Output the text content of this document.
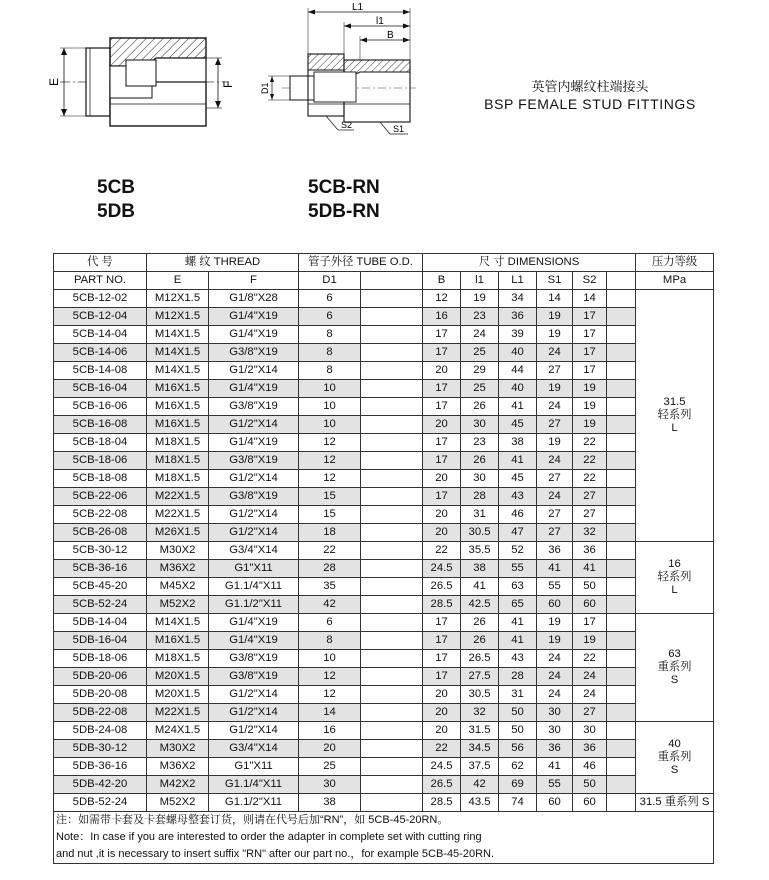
E	F
L1
l1
B
D1
S2	S1
英管内螺纹柱端接头
BSP FEMALE STUD FITTINGS
5CB
5DB
5CB-RN
5DB-RN
代 号	螺 纹 THREAD		管子外径 TUBE O.D.		尺 寸 DIMENSIONS						压力等级
PART NO.	E	F	D1		B	l1	L1	S1	S2		MPa
5CB-12-02	M12X1.5	G1/8"X28	6		12	19	34	14	14		31.5
轻系列
L

5CB-12-04	M12X1.5	G1/4"X19	6		16	23	36	19	17		
5CB-14-04	M14X1.5	G1/4"X19	8		17	24	39	19	17		
5CB-14-06	M14X1.5	G3/8"X19	8		17	25	40	24	17		
5CB-14-08	M14X1.5	G1/2"X14	8		20	29	44	27	17		
5CB-16-04	M16X1.5	G1/4"X19	10		17	25	40	19	19		
5CB-16-06	M16X1.5	G3/8"X19	10		17	26	41	24	19		
5CB-16-08	M16X1.5	G1/2"X14	10		20	30	45	27	19		
5CB-18-04	M18X1.5	G1/4"X19	12		17	23	38	19	22		
5CB-18-06	M18X1.5	G3/8"X19	12		17	26	41	24	22		
5CB-18-08	M18X1.5	G1/2"X14	12		20	30	45	27	22		
5CB-22-06	M22X1.5	G3/8"X19	15		17	28	43	24	27		
5CB-22-08	M22X1.5	G1/2"X14	15		20	31	46	27	27		
5CB-26-08	M26X1.5	G1/2"X14	18		20	30.5	47	27	32		
5CB-30-12	M30X2	G3/4"X14	22		22	35.5	52	36	36		16
轻系列
L

5CB-36-16	M36X2	G1"X11	28		24.5	38	55	41	41		
5CB-45-20	M45X2	G1.1/4"X11	35		26.5	41	63	55	50		
5CB-52-24	M52X2	G1.1/2"X11	42		28.5	42.5	65	60	60		
5DB-14-04	M14X1.5	G1/4"X19	6		17	26	41	19	17		63
重系列
S

5DB-16-04	M16X1.5	G1/4"X19	8		17	26	41	19	19		
5DB-18-06	M18X1.5	G3/8"X19	10		17	26.5	43	24	22		
5DB-20-06	M20X1.5	G3/8"X19	12		17	27.5	28	24	24		
5DB-20-08	M20X1.5	G1/2"X14	12		20	30.5	31	24	24		
5DB-22-08	M22X1.5	G1/2"X14	14		20	32	50	30	27		
5DB-24-08	M24X1.5	G1/2"X14	16		20	31.5	50	30	30		40
重系列
S

5DB-30-12	M30X2	G3/4"X14	20		22	34.5	56	36	36		
5DB-36-16	M36X2	G1"X11	25		24.5	37.5	62	41	46		
5DB-42-20	M42X2	G1.1/4"X11	30		26.5	42	69	55	50		
5DB-52-24	M52X2	G1.1/2"X11	38		28.5	43.5	74	60	60		31.5 重系列 S

注：如需带卡套及卡套螺母整套订货，则请在代号后加“RN”，如 5CB-45-20RN。											
Note：In case if you are interested to order the adapter in complete set with cutting ring											
and nut ,it is necessary to insert suffix "RN" after our part no.，for example 5CB-45-20RN.											
